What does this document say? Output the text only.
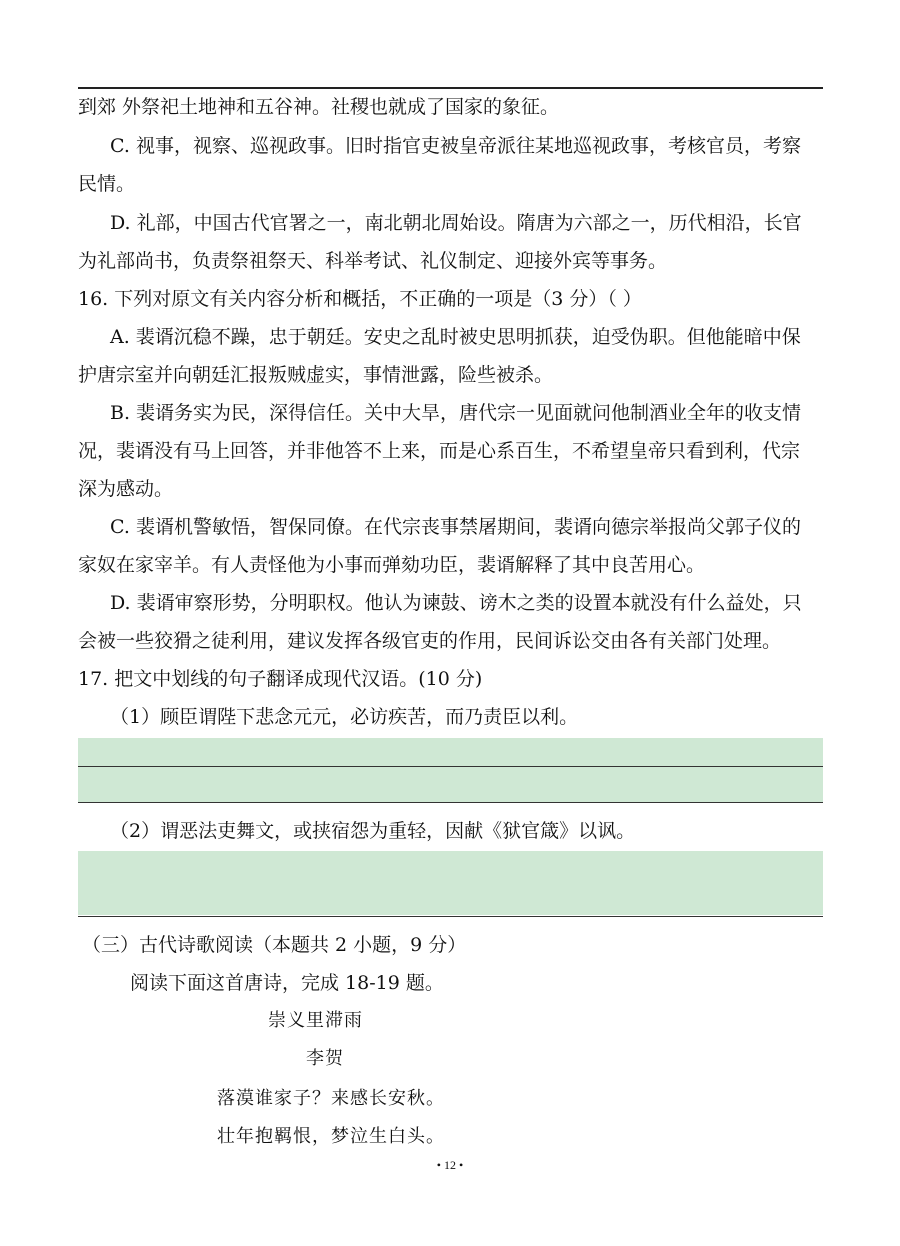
到郊 外祭祀土地神和五谷神。社稷也就成了国家的象征。
C. 视事，视察、巡视政事。旧时指官吏被皇帝派往某地巡视政事，考核官员，考察
民情。
D. 礼部，中国古代官署之一，南北朝北周始设。隋唐为六部之一，历代相沿，长官
为礼部尚书，负责祭祖祭天、科举考试、礼仪制定、迎接外宾等事务。
16. 下列对原文有关内容分析和概括，不正确的一项是（3 分）（ ）
A. 裴谞沉稳不躁，忠于朝廷。安史之乱时被史思明抓获，迫受伪职。但他能暗中保
护唐宗室并向朝廷汇报叛贼虚实，事情泄露，险些被杀。
B. 裴谞务实为民，深得信任。关中大旱，唐代宗一见面就问他制酒业全年的收支情
况，裴谞没有马上回答，并非他答不上来，而是心系百生，不希望皇帝只看到利，代宗
深为感动。
C. 裴谞机警敏悟，智保同僚。在代宗丧事禁屠期间，裴谞向德宗举报尚父郭子仪的
家奴在家宰羊。有人责怪他为小事而弹劾功臣，裴谞解释了其中良苦用心。
D. 裴谞审察形势，分明职权。他认为谏鼓、谤木之类的设置本就没有什么益处，只
会被一些狡猾之徒利用，建议发挥各级官吏的作用，民间诉讼交由各有关部门处理。
17. 把文中划线的句子翻译成现代汉语。(10 分)
（1）顾臣谓陛下悲念元元，必访疾苦，而乃责臣以利。
（2）谓恶法吏舞文，或挟宿怨为重轻，因献《狱官箴》以讽。
（三）古代诗歌阅读（本题共 2 小题，9 分）
阅读下面这首唐诗，完成 18-19 题。
崇义里滞雨
李贺
落漠谁家子？来感长安秋。
壮年抱羁恨，梦泣生白头。
• 12 •
